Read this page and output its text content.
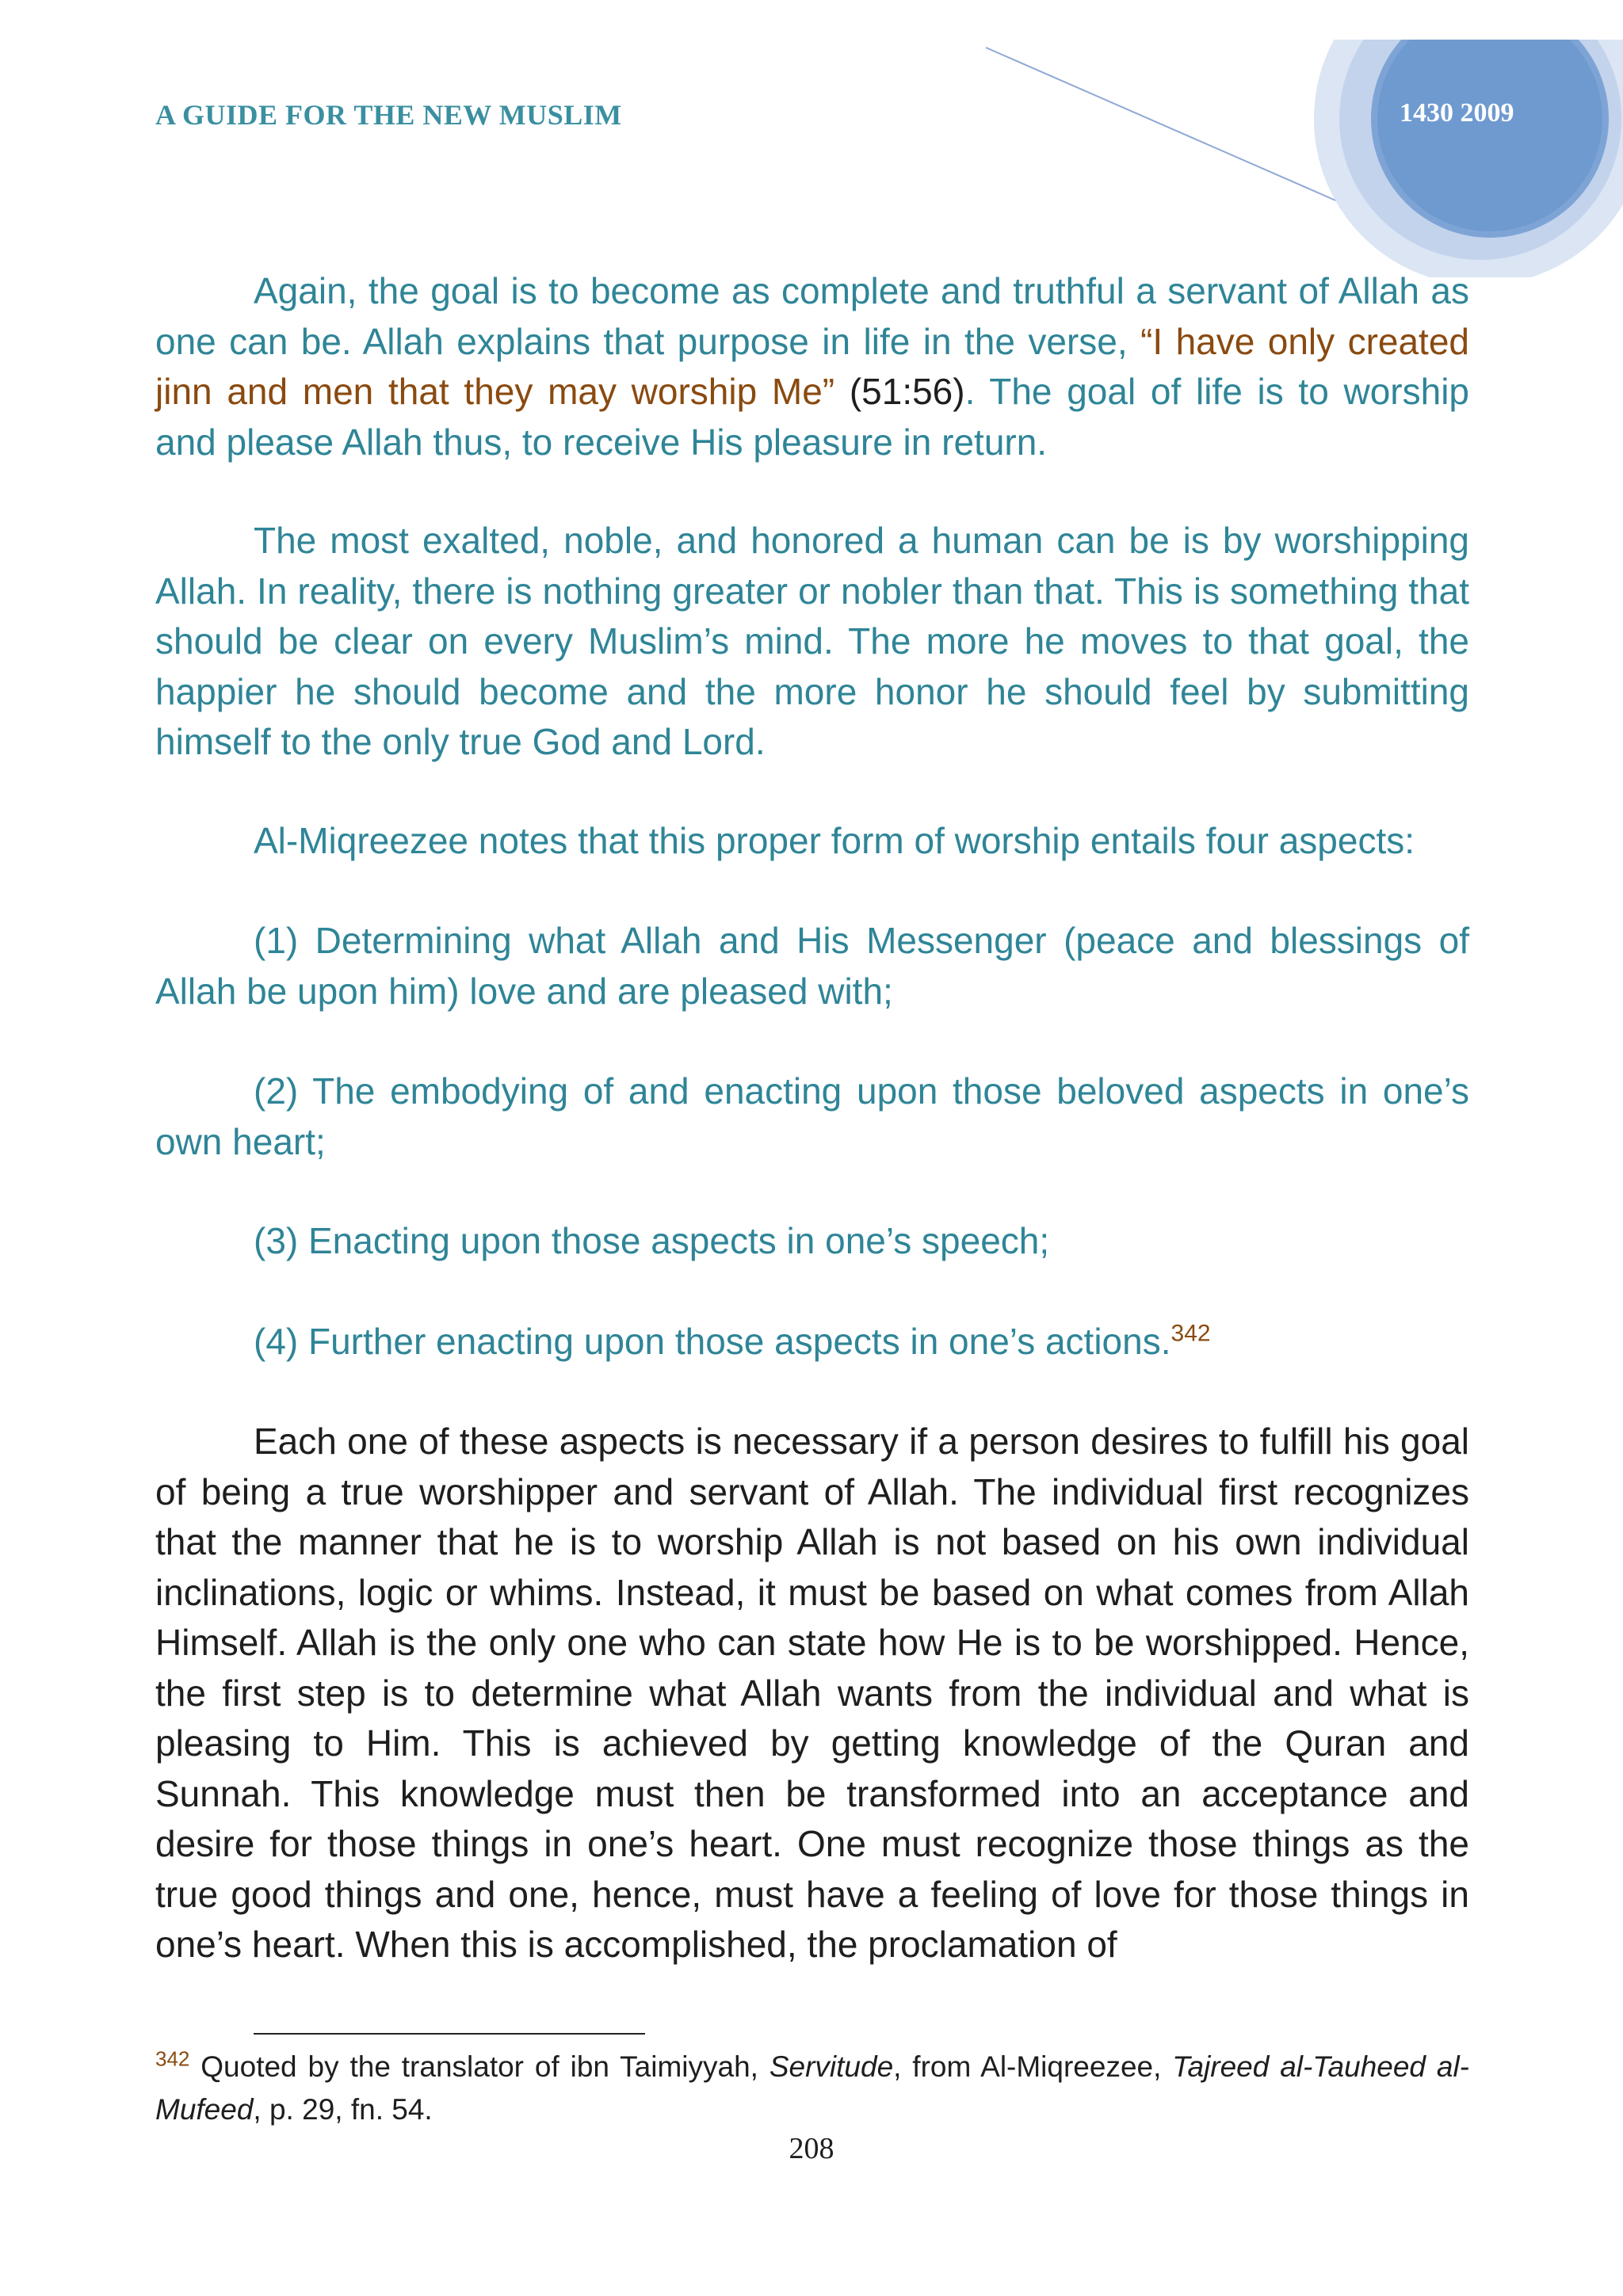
A GUIDE FOR THE NEW MUSLIM	1430 2009

Again, the goal is to become as complete and truthful a servant of Allah as one can be. Allah explains that purpose in life in the verse, “I have only created jinn and men that they may worship Me” (51:56). The goal of life is to worship and please Allah thus, to receive His pleasure in return.

The most exalted, noble, and honored a human can be is by worshipping Allah. In reality, there is nothing greater or nobler than that. This is something that should be clear on every Muslim’s mind. The more he moves to that goal, the happier he should become and the more honor he should feel by submitting himself to the only true God and Lord.

Al-Miqreezee notes that this proper form of worship entails four aspects:

(1) Determining what Allah and His Messenger (peace and blessings of Allah be upon him) love and are pleased with;

(2) The embodying of and enacting upon those beloved aspects in one’s own heart;

(3) Enacting upon those aspects in one’s speech;

(4) Further enacting upon those aspects in one’s actions.$^{342}$

Each one of these aspects is necessary if a person desires to fulfill his goal of being a true worshipper and servant of Allah. The individual first recognizes that the manner that he is to worship Allah is not based on his own individual inclinations, logic or whims. Instead, it must be based on what comes from Allah Himself. Allah is the only one who can state how He is to be worshipped. Hence, the first step is to determine what Allah wants from the individual and what is pleasing to Him. This is achieved by getting knowledge of the Quran and Sunnah. This knowledge must then be transformed into an acceptance and desire for those things in one’s heart. One must recognize those things as the true good things and one, hence, must have a feeling of love for those things in one’s heart. When this is accomplished, the proclamation of

$^{342}$ Quoted by the translator of ibn Taimiyyah, Servitude, from Al-Miqreezee, Tajreed al-Tauheed al-Mufeed, p. 29, fn. 54.
208
